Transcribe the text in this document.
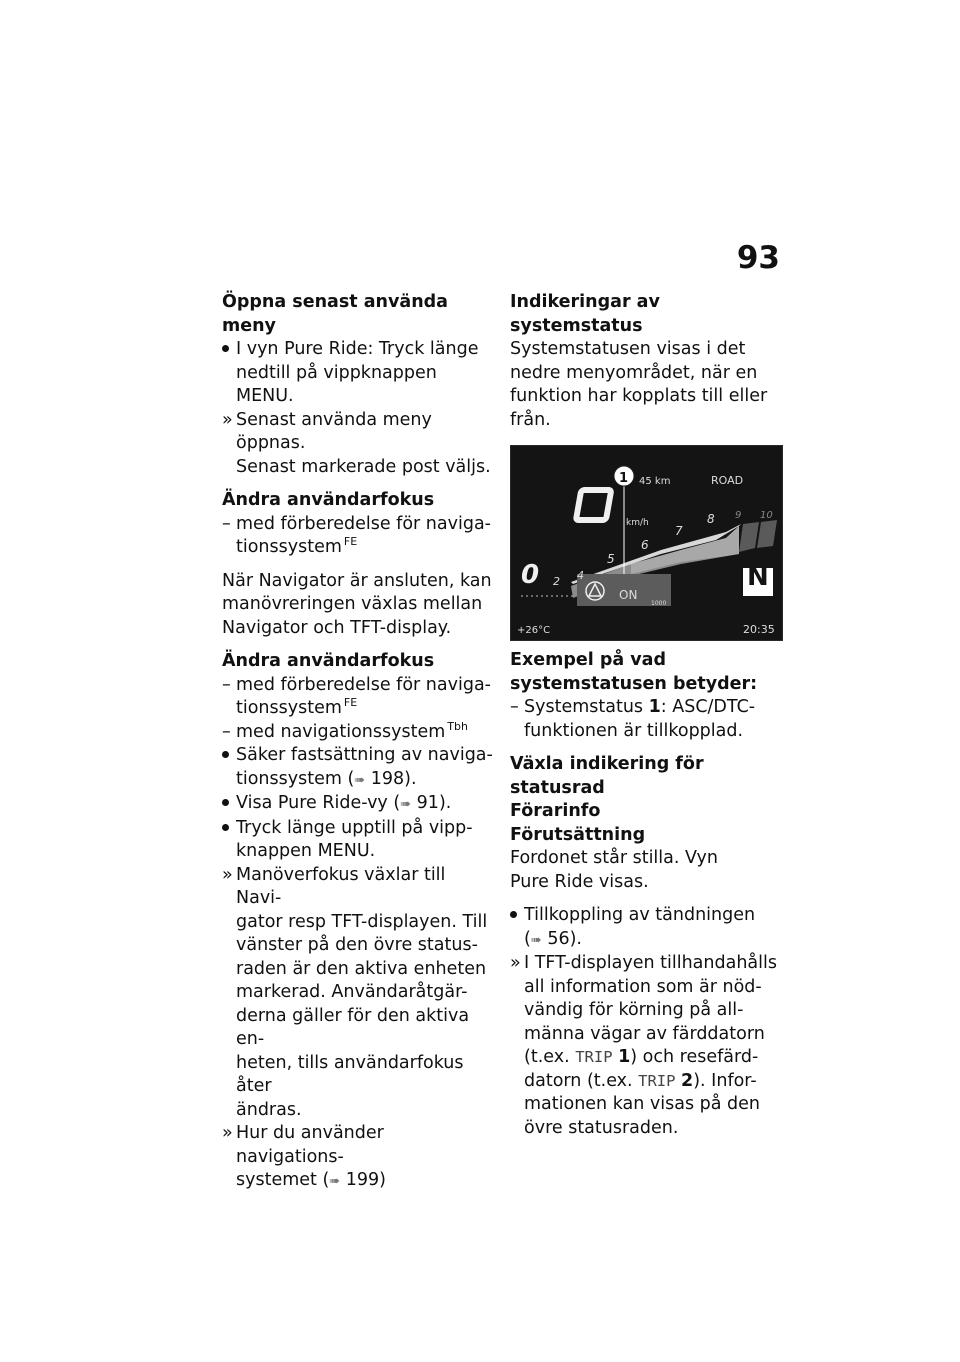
93

Öppna senast använda meny

I vyn Pure Ride: Tryck länge
nedtill på vippknappen MENU.
» Senast använda meny öppnas.
Senast markerade post väljs.

Ändra användarfokus

– med förberedelse för naviga-
tionssystem $^{FE}$

När Navigator är ansluten, kan
manövreringen växlas mellan
Navigator och TFT-display.

Ändra användarfokus

– med förberedelse för naviga-
tionssystem $^{FE}$
– med navigationssystem $^{Tbh}$
Säker fastsättning av naviga-
tionssystem (➠ 198).
Visa Pure Ride-vy (➠ 91).
Tryck länge upptill på vipp-
knappen MENU.
» Manöverfokus växlar till Navi-
gator resp TFT-displayen. Till
vänster på den övre status-
raden är den aktiva enheten
markerad. Användaråtgär-
derna gäller för den aktiva en-
heten, tills användarfokus åter
ändras.
» Hur du använder navigations-
systemet (➠ 199)

Indikeringar av systemstatus

Systemstatusen visas i det
nedre menyområdet, när en
funktion har kopplats till eller
från.

1 45 km	ROAD
km/h
0 2 4
5
6
7
8 9 10
ON
1000
N
+26°C	20:35

Exempel på vad
systemstatusen betyder:

– Systemstatus 1: ASC/DTC-
funktionen är tillkopplad.

Växla indikering för statusrad
Förarinfo
Förutsättning

Fordonet står stilla. Vyn
Pure Ride visas.

Tillkoppling av tändningen
(➠ 56).
» I TFT-displayen tillhandahålls
all information som är nöd-
vändig för körning på all-
männa vägar av färddatorn
(t.ex. TRIP 1) och resefärd-
datorn (t.ex. TRIP 2). Infor-
mationen kan visas på den
övre statusraden.
